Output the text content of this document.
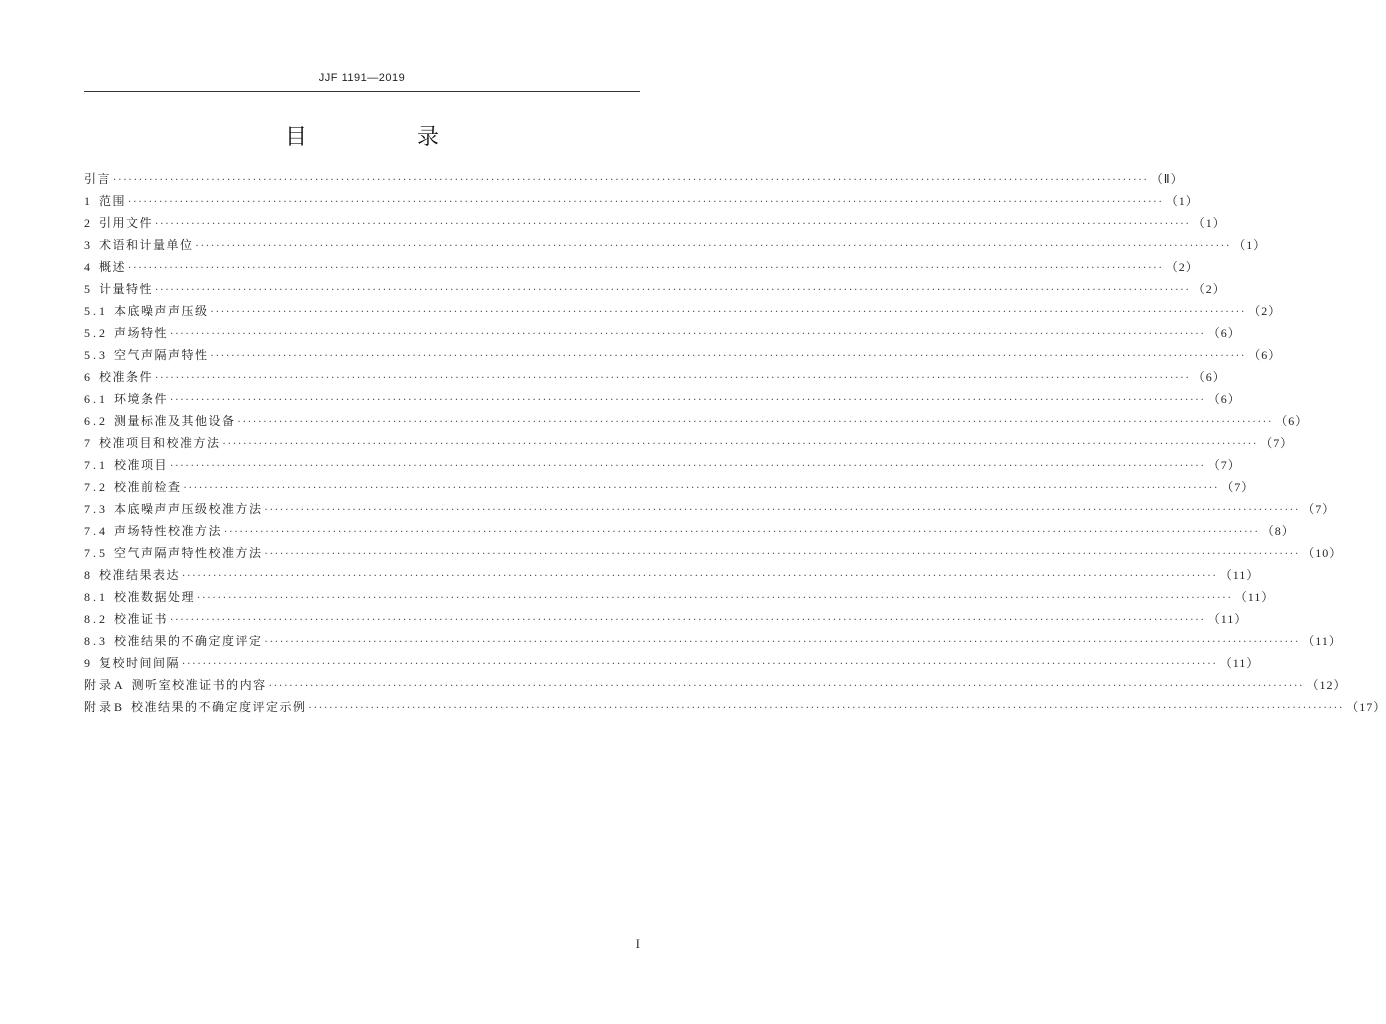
JJF 1191—2019
目　录
引言 ········································································································································································································ （Ⅱ）
1 范围 ········································································································································································································ （1）
2 引用文件 ········································································································································································································ （1）
3 术语和计量单位 ········································································································································································································ （1）
4 概述 ········································································································································································································ （2）
5 计量特性 ········································································································································································································ （2）
5.1 本底噪声声压级 ········································································································································································································ （2）
5.2 声场特性 ········································································································································································································ （6）
5.3 空气声隔声特性 ········································································································································································································ （6）
6 校准条件 ········································································································································································································ （6）
6.1 环境条件 ········································································································································································································ （6）
6.2 测量标准及其他设备 ········································································································································································································ （6）
7 校准项目和校准方法 ········································································································································································································ （7）
7.1 校准项目 ········································································································································································································ （7）
7.2 校准前检查 ········································································································································································································ （7）
7.3 本底噪声声压级校准方法 ········································································································································································································ （7）
7.4 声场特性校准方法 ········································································································································································································ （8）
7.5 空气声隔声特性校准方法 ········································································································································································································ （10）
8 校准结果表达 ········································································································································································································ （11）
8.1 校准数据处理 ········································································································································································································ （11）
8.2 校准证书 ········································································································································································································ （11）
8.3 校准结果的不确定度评定 ········································································································································································································ （11）
9 复校时间间隔 ········································································································································································································ （11）
附录A 测听室校准证书的内容 ········································································································································································································ （12）
附录B 校准结果的不确定度评定示例 ········································································································································································································ （17）
I
